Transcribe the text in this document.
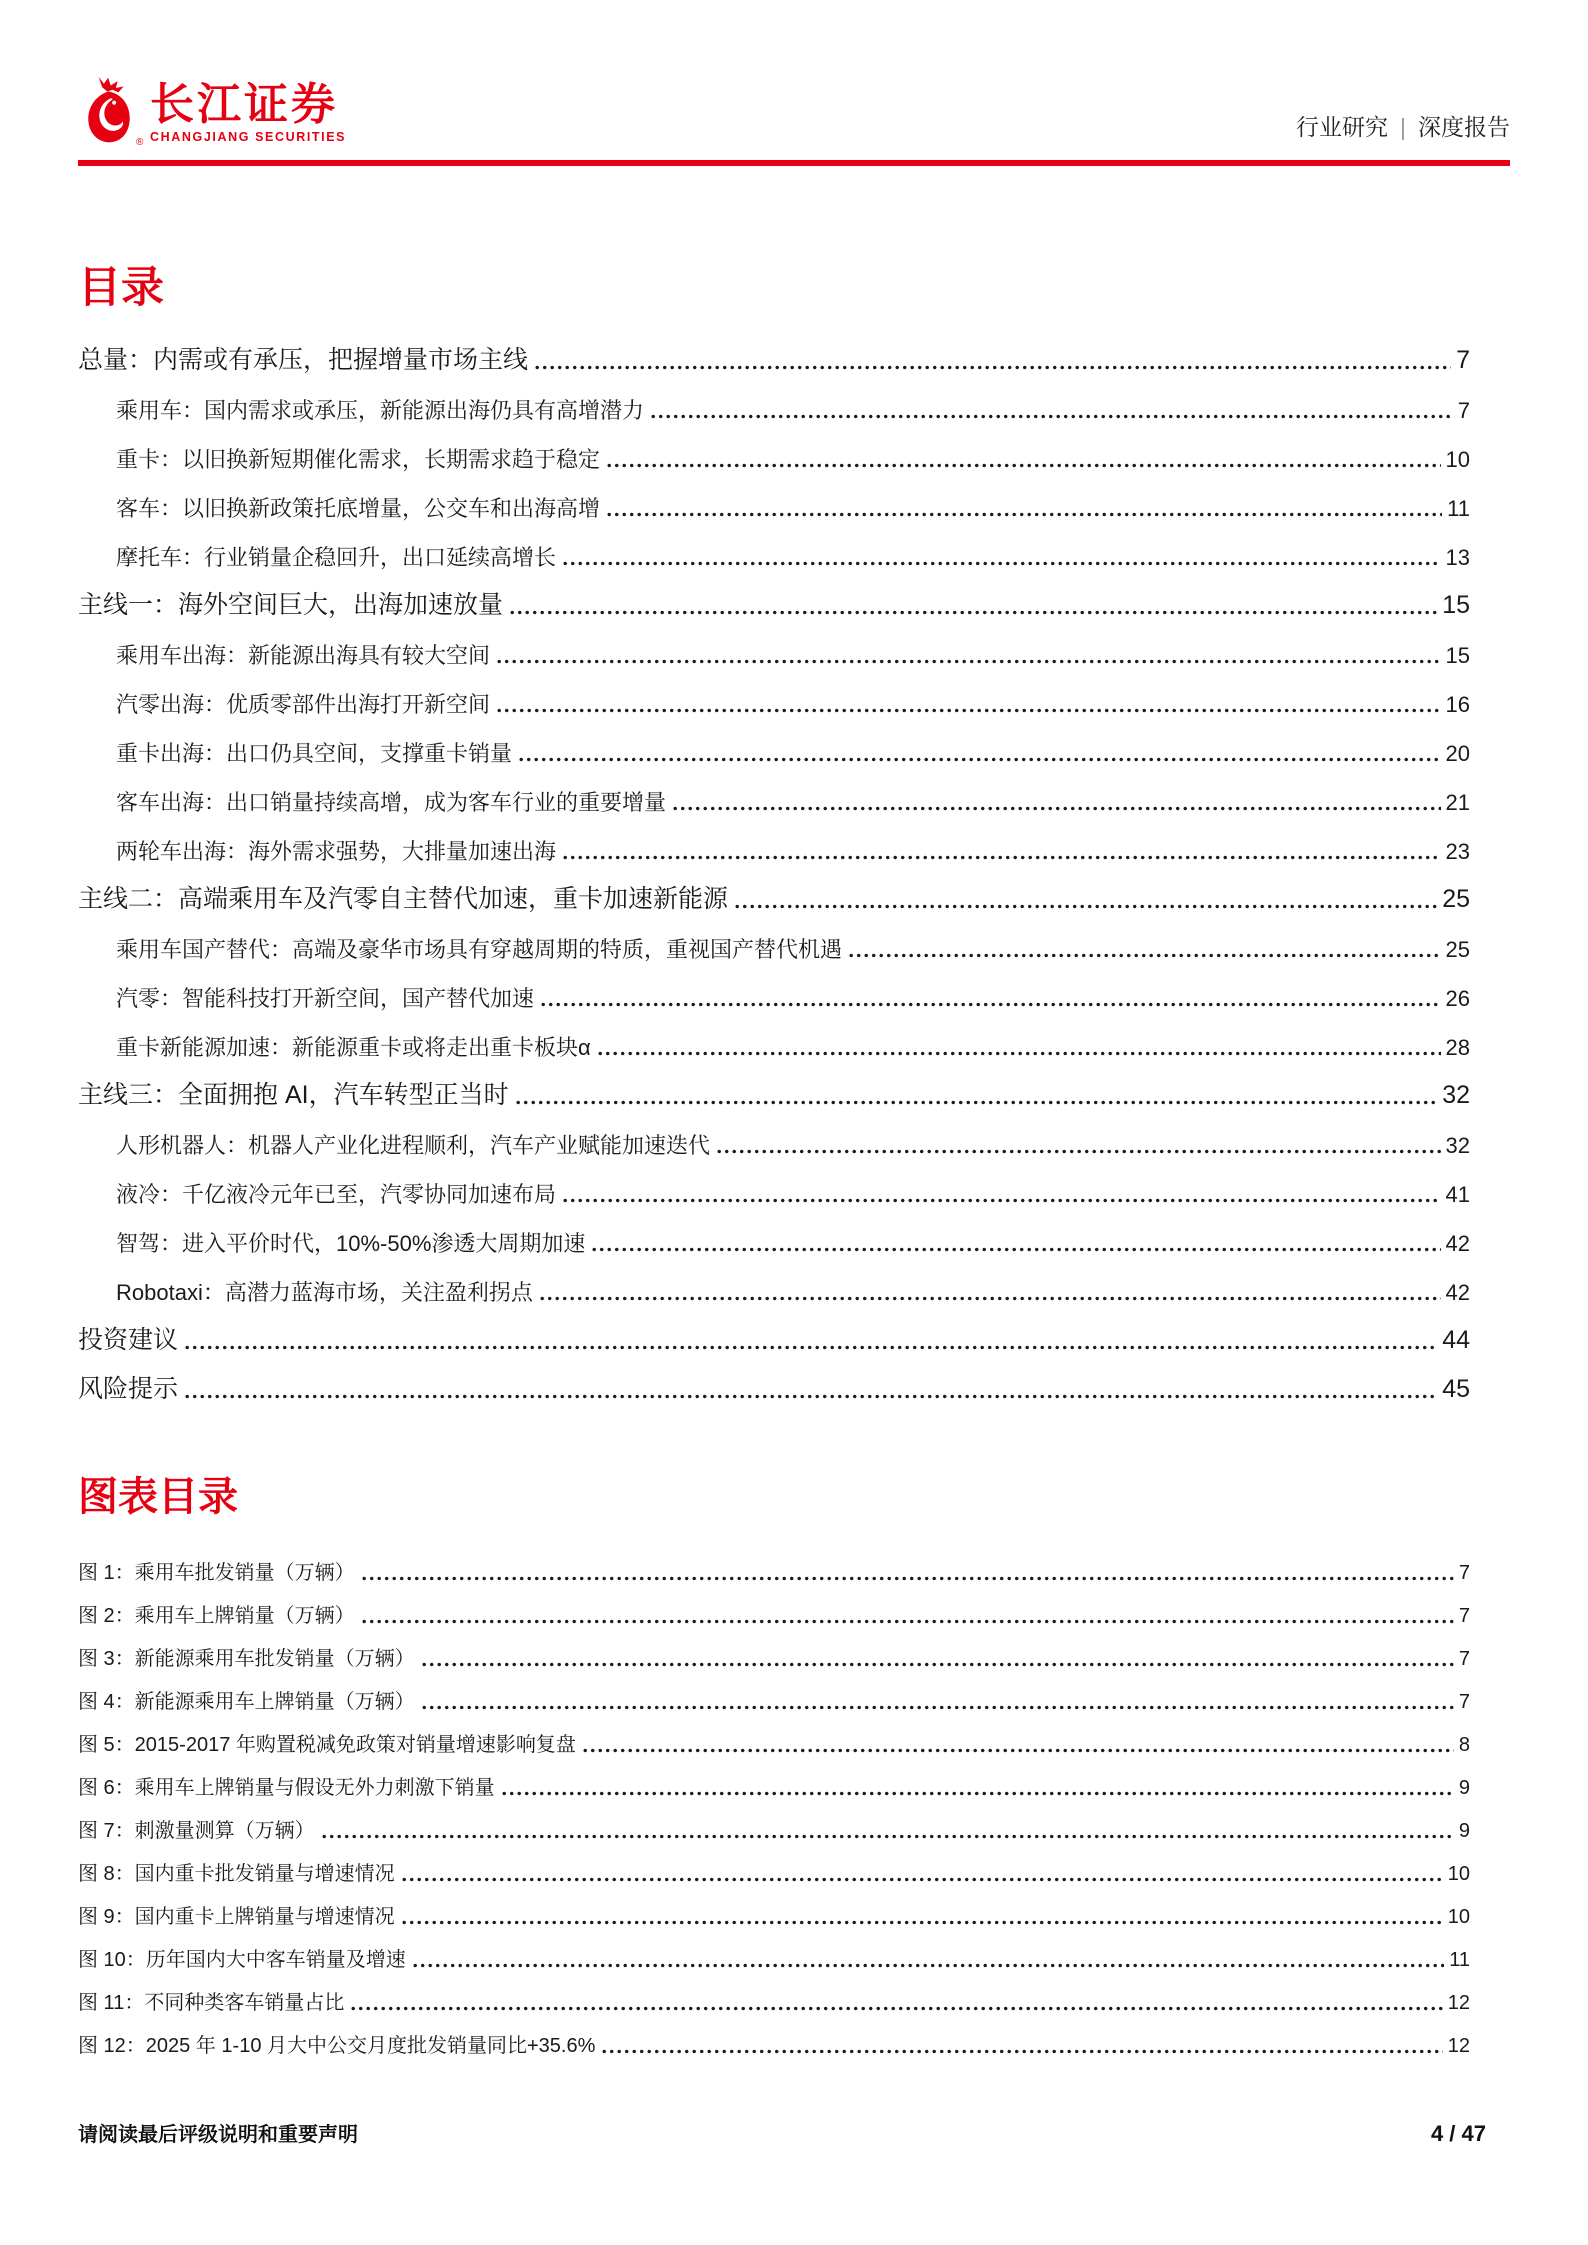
®
长江证券
CHANGJIANG SECURITIES	行业研究 | 深度报告
目录
总量：内需或有承压，把握增量市场主线	7
乘用车：国内需求或承压，新能源出海仍具有高增潜力	7
重卡：以旧换新短期催化需求，长期需求趋于稳定	10
客车：以旧换新政策托底增量，公交车和出海高增	11
摩托车：行业销量企稳回升，出口延续高增长	13
主线一：海外空间巨大，出海加速放量	15
乘用车出海：新能源出海具有较大空间	15
汽零出海：优质零部件出海打开新空间	16
重卡出海：出口仍具空间，支撑重卡销量	20
客车出海：出口销量持续高增，成为客车行业的重要增量	21
两轮车出海：海外需求强势，大排量加速出海	23
主线二：高端乘用车及汽零自主替代加速，重卡加速新能源	25
乘用车国产替代：高端及豪华市场具有穿越周期的特质，重视国产替代机遇	25
汽零：智能科技打开新空间，国产替代加速	26
重卡新能源加速：新能源重卡或将走出重卡板块α	28
主线三：全面拥抱 AI，汽车转型正当时	32
人形机器人：机器人产业化进程顺利，汽车产业赋能加速迭代	32
液冷：千亿液冷元年已至，汽零协同加速布局	41
智驾：进入平价时代，10%-50%渗透大周期加速	42
Robotaxi：高潜力蓝海市场，关注盈利拐点	42
投资建议	44
风险提示	45
图表目录
图 1：乘用车批发销量（万辆）	7
图 2：乘用车上牌销量（万辆）	7
图 3：新能源乘用车批发销量（万辆）	7
图 4：新能源乘用车上牌销量（万辆）	7
图 5：2015-2017 年购置税减免政策对销量增速影响复盘	8
图 6：乘用车上牌销量与假设无外力刺激下销量	9
图 7：刺激量测算（万辆）	9
图 8：国内重卡批发销量与增速情况	10
图 9：国内重卡上牌销量与增速情况	10
图 10：历年国内大中客车销量及增速	11
图 11：不同种类客车销量占比	12
图 12：2025 年 1-10 月大中公交月度批发销量同比+35.6%	12
请阅读最后评级说明和重要声明	4 / 47
